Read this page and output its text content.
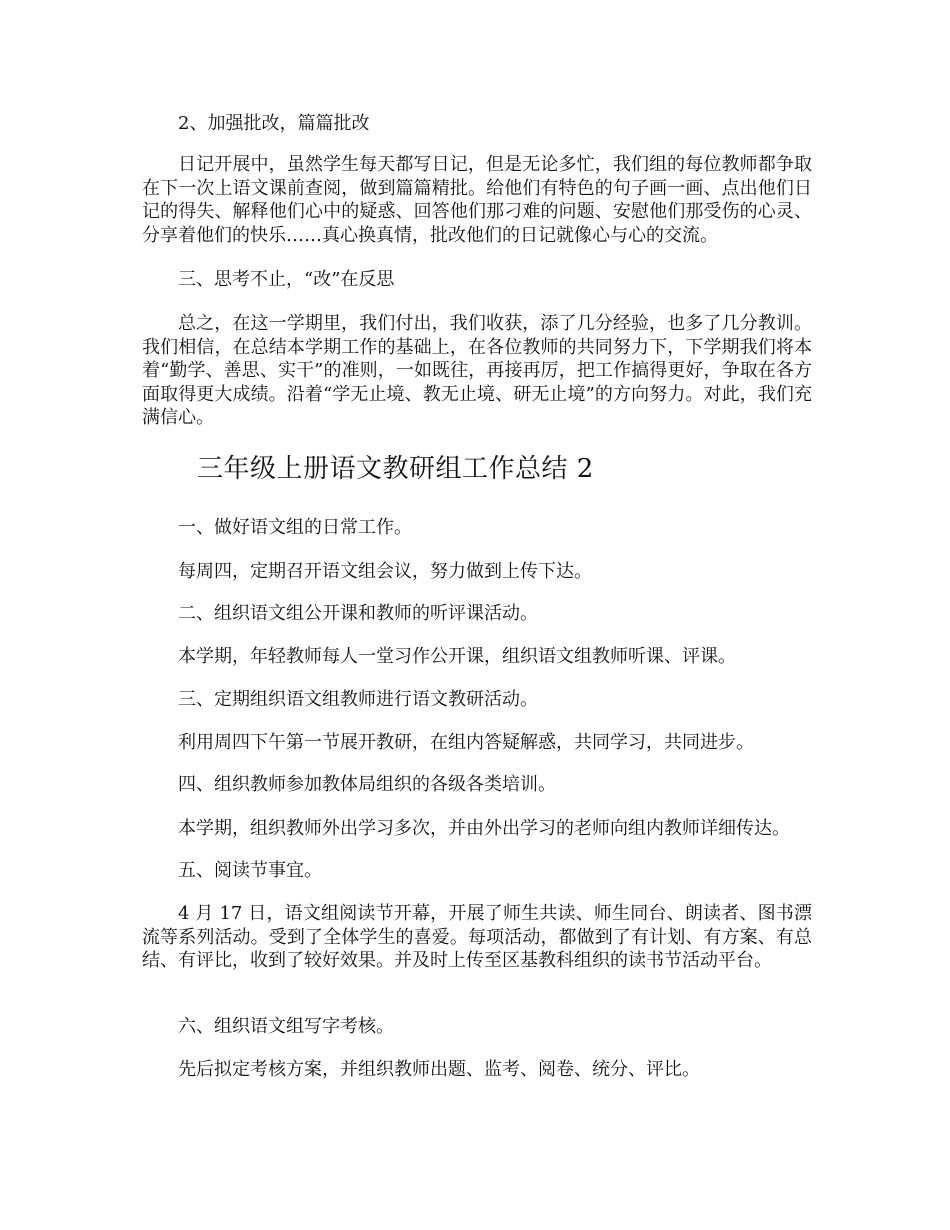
2、加强批改，篇篇批改
日记开展中，虽然学生每天都写日记，但是无论多忙，我们组的每位教师都争取在下一次上语文课前查阅，做到篇篇精批。给他们有特色的句子画一画、点出他们日记的得失、解释他们心中的疑惑、回答他们那刁难的问题、安慰他们那受伤的心灵、分享着他们的快乐……真心换真情，批改他们的日记就像心与心的交流。
三、思考不止，“改”在反思
总之，在这一学期里，我们付出，我们收获，添了几分经验，也多了几分教训。我们相信，在总结本学期工作的基础上，在各位教师的共同努力下，下学期我们将本着“勤学、善思、实干”的准则，一如既往，再接再厉，把工作搞得更好，争取在各方面取得更大成绩。沿着“学无止境、教无止境、研无止境”的方向努力。对此，我们充满信心。
三年级上册语文教研组工作总结 2
一、做好语文组的日常工作。
每周四，定期召开语文组会议，努力做到上传下达。
二、组织语文组公开课和教师的听评课活动。
本学期，年轻教师每人一堂习作公开课，组织语文组教师听课、评课。
三、定期组织语文组教师进行语文教研活动。
利用周四下午第一节展开教研，在组内答疑解惑，共同学习，共同进步。
四、组织教师参加教体局组织的各级各类培训。
本学期，组织教师外出学习多次，并由外出学习的老师向组内教师详细传达。
五、阅读节事宜。
4 月 17 日，语文组阅读节开幕，开展了师生共读、师生同台、朗读者、图书漂流等系列活动。受到了全体学生的喜爱。每项活动，都做到了有计划、有方案、有总结、有评比，收到了较好效果。并及时上传至区基教科组织的读书节活动平台。
六、组织语文组写字考核。
先后拟定考核方案，并组织教师出题、监考、阅卷、统分、评比。
